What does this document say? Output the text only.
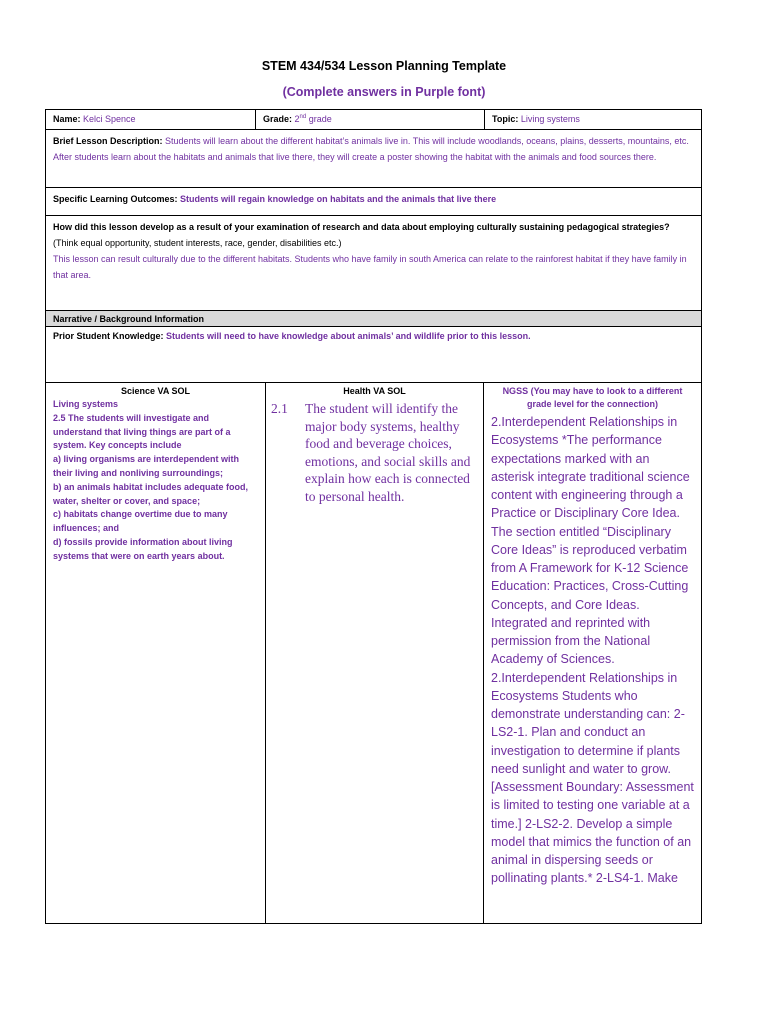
STEM 434/534 Lesson Planning Template
(Complete answers in Purple font)
Name: Kelci Spence	Grade: 2nd grade	Topic: Living systems
Brief Lesson Description: Students will learn about the different habitat’s animals live in. This will include woodlands, oceans, plains, desserts, mountains, etc. After students learn about the habitats and animals that live there, they will create a poster showing the habitat with the animals and food sources there.
Specific Learning Outcomes: Students will regain knowledge on habitats and the animals that live there
How did this lesson develop as a result of your examination of research and data about employing culturally sustaining pedagogical strategies? (Think equal opportunity, student interests, race, gender, disabilities etc.)
This lesson can result culturally due to the different habitats. Students who have family in south America can relate to the rainforest habitat if they have family in that area.
Narrative / Background Information
Prior Student Knowledge: Students will need to have knowledge about animals’ and wildlife prior to this lesson.
Science VA SOL
Living systems
2.5 The students will investigate and understand that living things are part of a system. Key concepts include
a) living organisms are interdependent with their living and nonliving surroundings;
b) an animals habitat includes adequate food, water, shelter or cover, and space;
c) habitats change overtime due to many influences; and
d) fossils provide information about living systems that were on earth years about.
Health VA SOL
2.1	The student will identify the major body systems, healthy food and beverage choices, emotions, and social skills and explain how each is connected to personal health.
NGSS (You may have to look to a different grade level for the connection)
2.Interdependent Relationships in Ecosystems *The performance expectations marked with an asterisk integrate traditional science content with engineering through a Practice or Disciplinary Core Idea. The section entitled “Disciplinary Core Ideas” is reproduced verbatim from A Framework for K-12 Science Education: Practices, Cross-Cutting Concepts, and Core Ideas. Integrated and reprinted with permission from the National Academy of Sciences. 2.Interdependent Relationships in Ecosystems Students who demonstrate understanding can: 2-LS2-1. Plan and conduct an investigation to determine if plants need sunlight and water to grow. [Assessment Boundary: Assessment is limited to testing one variable at a time.] 2-LS2-2. Develop a simple model that mimics the function of an animal in dispersing seeds or pollinating plants.* 2-LS4-1. Make
